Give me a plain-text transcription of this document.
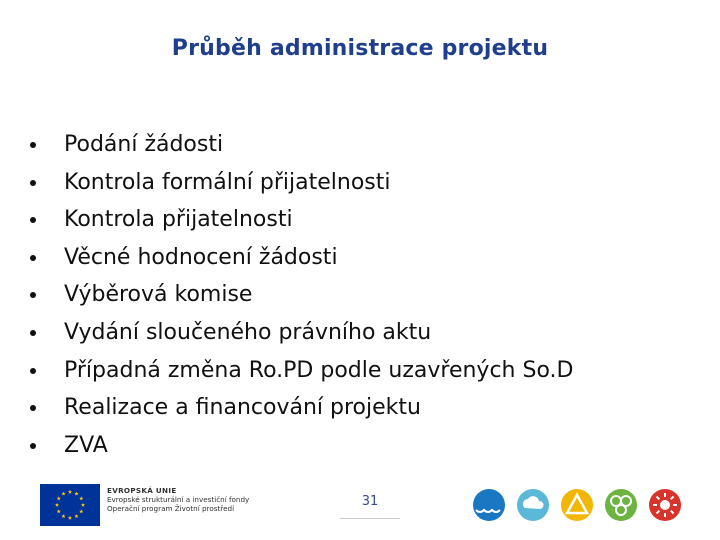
Průběh administrace projektu
Podání žádosti
Kontrola formální přijatelnosti
Kontrola přijatelnosti
Věcné hodnocení žádosti
Výběrová komise
Vydání sloučeného právního aktu
Případná změna Ro.PD podle uzavřených So.D
Realizace a financování projektu
ZVA
EVROPSKÁ UNIE
Evropské strukturální a investiční fondy
Operační program Životní prostředí	31
